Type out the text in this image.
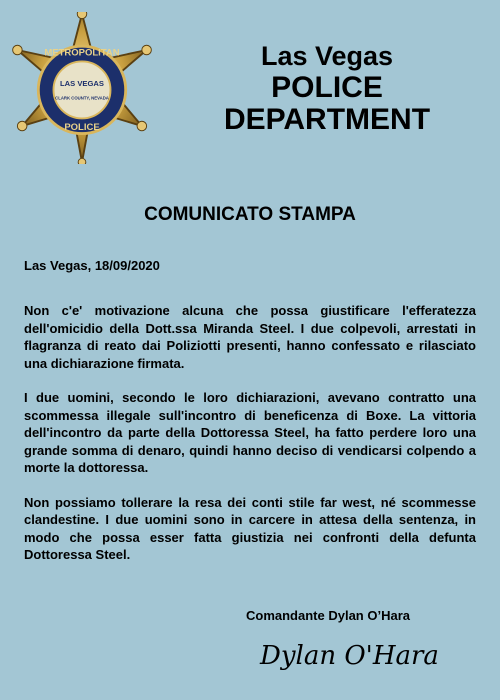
METROPOLITAN
LAS VEGAS
CLARK COUNTY, NEVADA
POLICE
Las Vegas
POLICE
DEPARTMENT
COMUNICATO STAMPA
Las Vegas, 18/09/2020

Non c'e' motivazione alcuna che possa giustificare l'efferatezza dell'omicidio della Dott.ssa Miranda Steel. I due colpevoli, arrestati in flagranza di reato dai Poliziotti presenti, hanno confessato e rilasciato una dichiarazione firmata.

I due uomini, secondo le loro dichiarazioni, avevano contratto una scommessa illegale sull'incontro di beneficenza di Boxe. La vittoria dell'incontro da parte della Dottoressa Steel, ha fatto perdere loro una grande somma di denaro, quindi hanno deciso di vendicarsi colpendo a morte la dottoressa.

Non possiamo tollerare la resa dei conti stile far west, né scommesse clandestine. I due uomini sono in carcere in attesa della sentenza, in modo che possa esser fatta giustizia nei confronti della defunta Dottoressa Steel.

Comandante Dylan O’Hara
Dylan O'Hara
